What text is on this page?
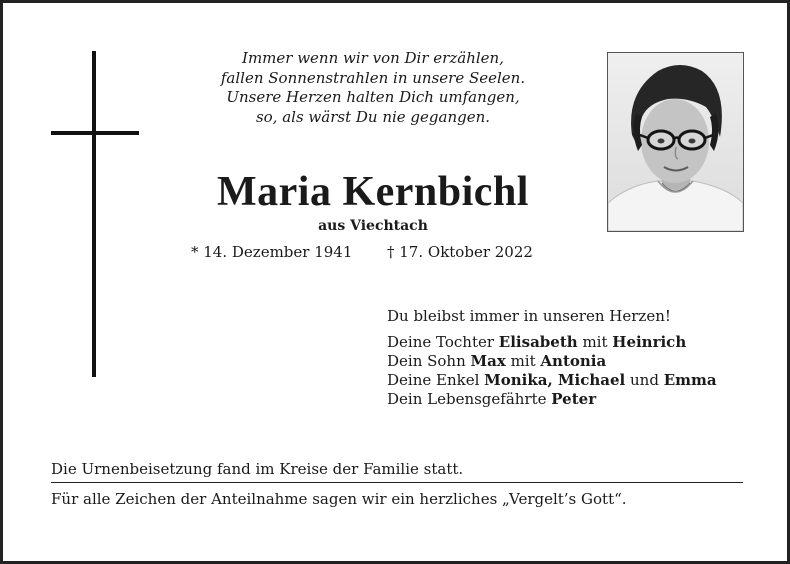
Immer wenn wir von Dir erzählen,
fallen Sonnenstrahlen in unsere Seelen.
Unsere Herzen halten Dich umfangen,
so, als wärst Du nie gegangen.
Maria Kernbichl
aus Viechtach
* 14. Dezember 1941 † 17. Oktober 2022
Du bleibst immer in unseren Herzen!
Deine Tochter Elisabeth mit Heinrich
Dein Sohn Max mit Antonia
Deine Enkel Monika, Michael und Emma
Dein Lebensgefährte Peter
Die Urnenbeisetzung fand im Kreise der Familie statt.
Für alle Zeichen der Anteilnahme sagen wir ein herzliches „Vergelt’s Gott“.
